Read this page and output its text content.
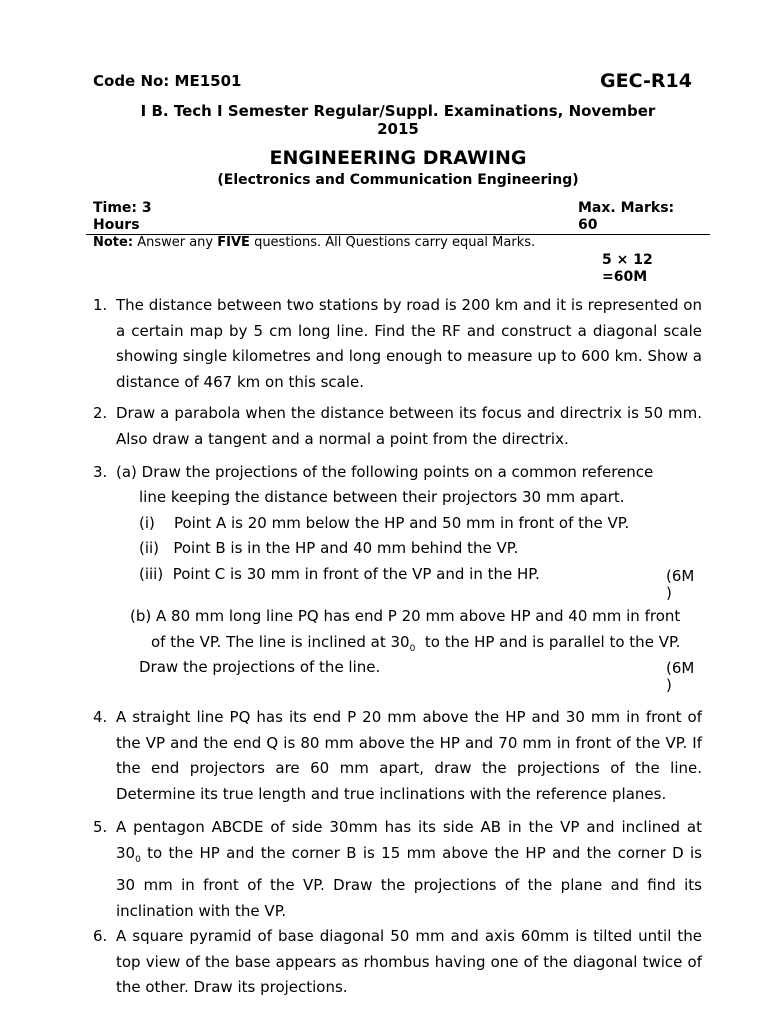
Code No: ME1501	GEC-R14
I B. Tech I Semester Regular/Suppl. Examinations, November
2015
ENGINEERING DRAWING
(Electronics and Communication Engineering)
Time: 3
Hours
Max. Marks:
60
Note: Answer any FIVE questions. All Questions carry equal Marks.
5 × 12
=60M
1. The distance between two stations by road is 200 km and it is represented on a certain map by 5 cm long line. Find the RF and construct a diagonal scale showing single kilometres and long enough to measure up to 600 km. Show a distance of 467 km on this scale.
2. Draw a parabola when the distance between its focus and directrix is 50 mm. Also draw a tangent and a normal a point from the directrix.
3. (a) Draw the projections of the following points on a common reference
line keeping the distance between their projectors 30 mm apart.
(i)    Point A is 20 mm below the HP and 50 mm in front of the VP.
(ii)   Point B is in the HP and 40 mm behind the VP.
(iii)  Point C is 30 mm in front of the VP and in the HP.	(6M
)
(b) A 80 mm long line PQ has end P 20 mm above HP and 40 mm in front
of the VP. The line is inclined at $30_0$  to the HP and is parallel to the VP.
Draw the projections of the line.	(6M
)
4. A straight line PQ has its end P 20 mm above the HP and 30 mm in front of the VP and the end Q is 80 mm above the HP and 70 mm in front of the VP. If the end projectors are 60 mm apart, draw the projections of the line. Determine its true length and true inclinations with the reference planes.
5. A pentagon ABCDE of side 30mm has its side AB in the VP and inclined at
$30_0$ to the HP and the corner B is 15 mm above the HP and the corner D is
30 mm in front of the VP. Draw the projections of the plane and find its inclination with the VP.
6. A square pyramid of base diagonal 50 mm and axis 60mm is tilted until the top view of the base appears as rhombus having one of the diagonal twice of the other. Draw its projections.
